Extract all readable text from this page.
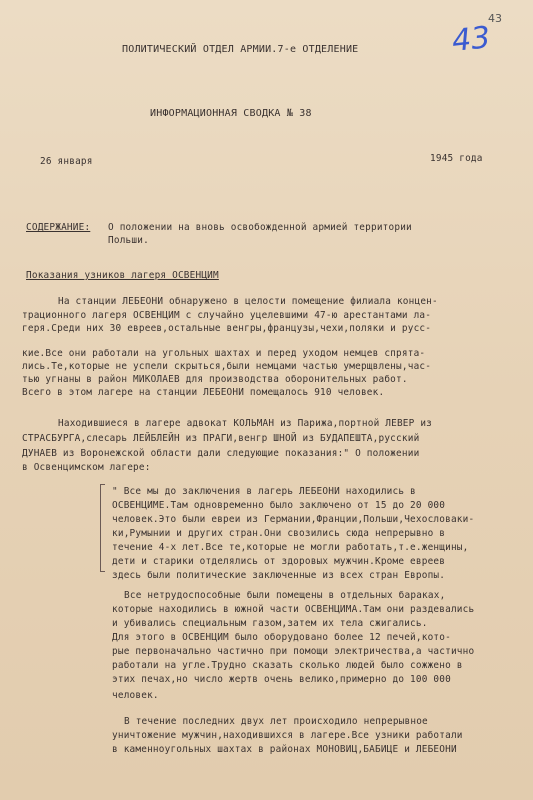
43
43
ПОЛИТИЧЕСКИЙ ОТДЕЛ АРМИИ.7-е ОТДЕЛЕНИЕ
ИНФОРМАЦИОННАЯ СВОДКА № 38
26 января	1945 года
СОДЕРЖАНИЕ: О положении на вновь освобожденной армией территории
Польши.
Показания узников лагеря ОСВЕНЦИМ
На станции ЛЕБЕОНИ обнаружено в целости помещение филиала концен-
трационного лагеря ОСВЕНЦИМ с случайно уцелевшими 47-ю арестантами ла-
геря.Среди них 30 евреев,остальные венгры,французы,чехи,поляки и русс-
кие.Все они работали на угольных шахтах и перед уходом немцев спрята-
лись.Те,которые не успели скрыться,были немцами частью умерщвлены,час-
тью угнаны в район МИКОЛАЕВ для производства оборонительных работ.
Всего в этом лагере на станции ЛЕБЕОНИ помещалось 910 человек.
Находившиеся в лагере адвокат КОЛЬМАН из Парижа,портной ЛЕВЕР из
СТРАСБУРГА,слесарь ЛЕЙБЛЕЙН из ПРАГИ,венгр ШНОЙ из БУДАПЕШТА,русский
ДУНАЕВ из Воронежской области дали следующие показания:" О положении
в Освенцимском лагере:
" Все мы до заключения в лагерь ЛЕБЕОНИ находились в
ОСВЕНЦИМЕ.Там одновременно было заключено от 15 до 20 000
человек.Это были евреи из Германии,Франции,Польши,Чехословаки-
ки,Румынии и других стран.Они свозились сюда непрерывно в
течение 4-х лет.Все те,которые не могли работать,т.е.женщины,
дети и старики отделялись от здоровых мужчин.Кроме евреев
здесь были политические заключенные из всех стран Европы.
Все нетрудоспособные были помещены в отдельных бараках,
которые находились в южной части ОСВЕНЦИМА.Там они раздевались
и убивались специальным газом,затем их тела сжигались.
Для этого в ОСВЕНЦИМ было оборудовано более 12 печей,кото-
рые первоначально частично при помощи электричества,а частично
работали на угле.Трудно сказать сколько людей было сожжено в
этих печах,но число жертв очень велико,примерно до 100 000
человек.
В течение последних двух лет происходило непрерывное
уничтожение мужчин,находившихся в лагере.Все узники работали
в каменноугольных шахтах в районах МОНОВИЦ,БАБИЦЕ и ЛЕБЕОНИ
